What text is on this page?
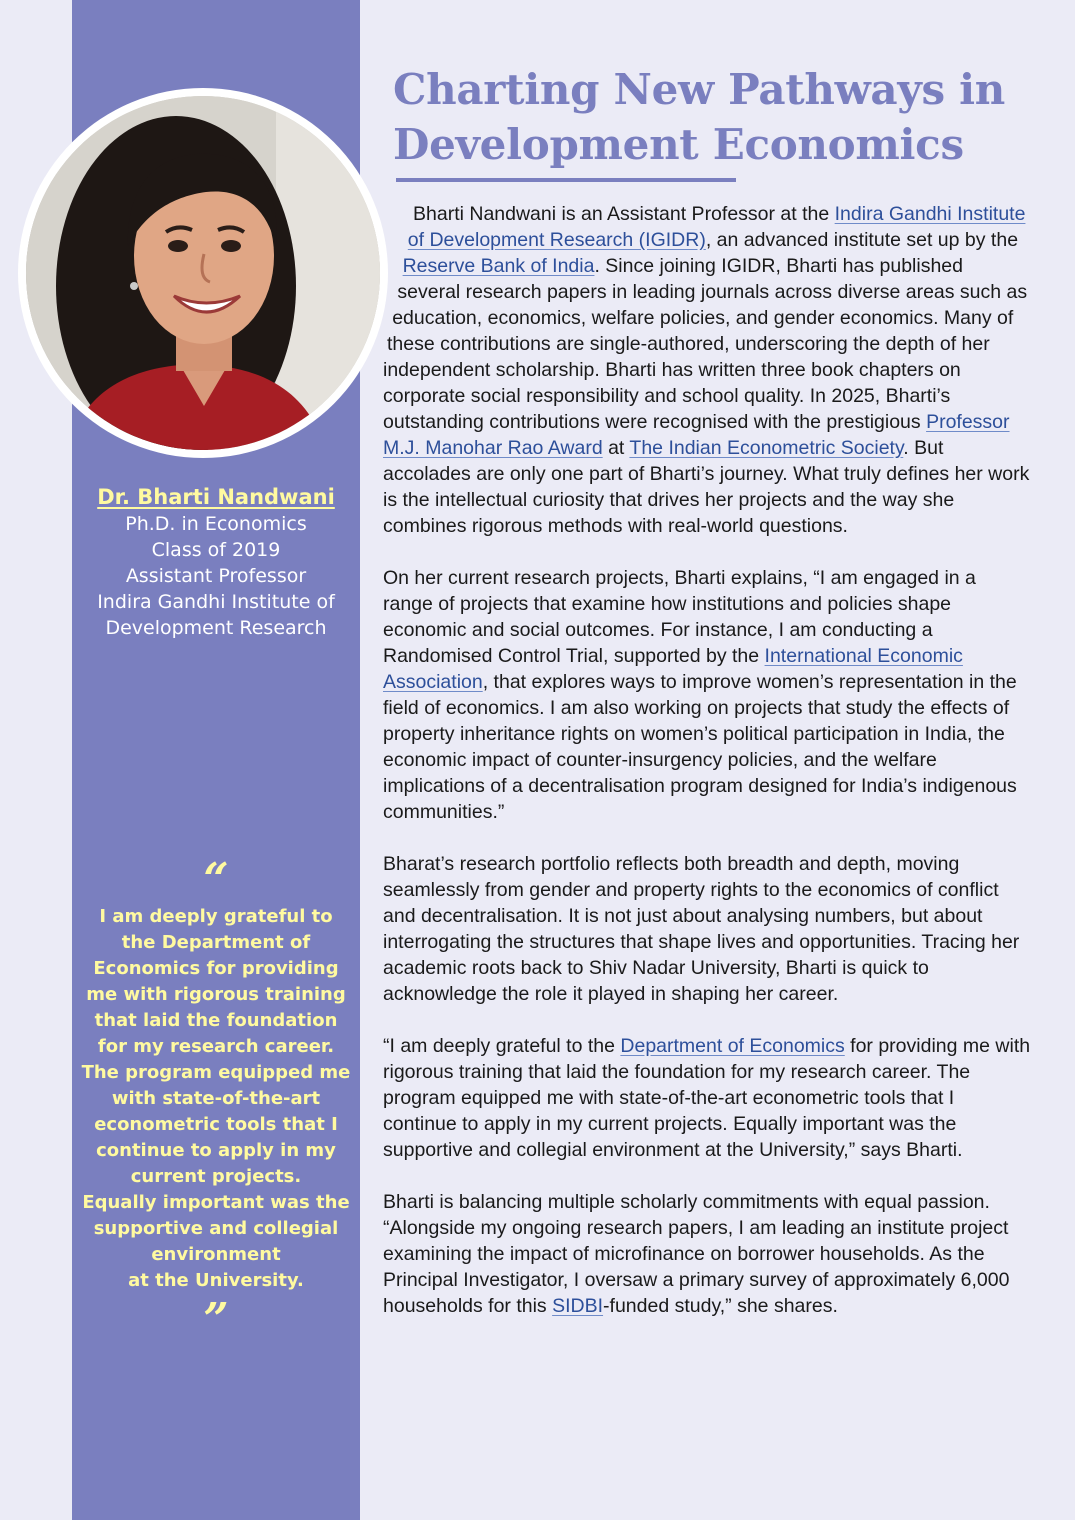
Dr. Bharti Nandwani
Ph.D. in Economics
Class of 2019
Assistant Professor
Indira Gandhi Institute of Development Research
“
I am deeply grateful to the Department of Economics for providing me with rigorous training that laid the foundation for my research career. The program equipped me with state-of-the-art econometric tools that I continue to apply in my current projects.
Equally important was the supportive and collegial environment
at the University.
”
Charting New Pathways in Development Economics

Bharti Nandwani is an Assistant Professor at the Indira Gandhi Institute of Development Research (IGIDR), an advanced institute set up by the Reserve Bank of India. Since joining IGIDR, Bharti has published several research papers in leading journals across diverse areas such as education, economics, welfare policies, and gender economics. Many of these contributions are single-authored, underscoring the depth of her independent scholarship. Bharti has written three book chapters on corporate social responsibility and school quality. In 2025, Bharti’s outstanding contributions were recognised with the prestigious Professor M.J. Manohar Rao Award at The Indian Econometric Society. But accolades are only one part of Bharti’s journey. What truly defines her work is the intellectual curiosity that drives her projects and the way she combines rigorous methods with real-world questions.

On her current research projects, Bharti explains, “I am engaged in a range of projects that examine how institutions and policies shape economic and social outcomes. For instance, I am conducting a Randomised Control Trial, supported by the International Economic Association, that explores ways to improve women’s representation in the field of economics. I am also working on projects that study the effects of property inheritance rights on women’s political participation in India, the economic impact of counter-insurgency policies, and the welfare implications of a decentralisation program designed for India’s indigenous communities.”

Bharat’s research portfolio reflects both breadth and depth, moving seamlessly from gender and property rights to the economics of conflict and decentralisation. It is not just about analysing numbers, but about interrogating the structures that shape lives and opportunities. Tracing her academic roots back to Shiv Nadar University, Bharti is quick to acknowledge the role it played in shaping her career.

“I am deeply grateful to the Department of Economics for providing me with rigorous training that laid the foundation for my research career. The program equipped me with state-of-the-art econometric tools that I continue to apply in my current projects. Equally important was the supportive and collegial environment at the University,” says Bharti.

Bharti is balancing multiple scholarly commitments with equal passion. “Alongside my ongoing research papers, I am leading an institute project examining the impact of microfinance on borrower households. As the Principal Investigator, I oversaw a primary survey of approximately 6,000 households for this SIDBI-funded study,” she shares.
